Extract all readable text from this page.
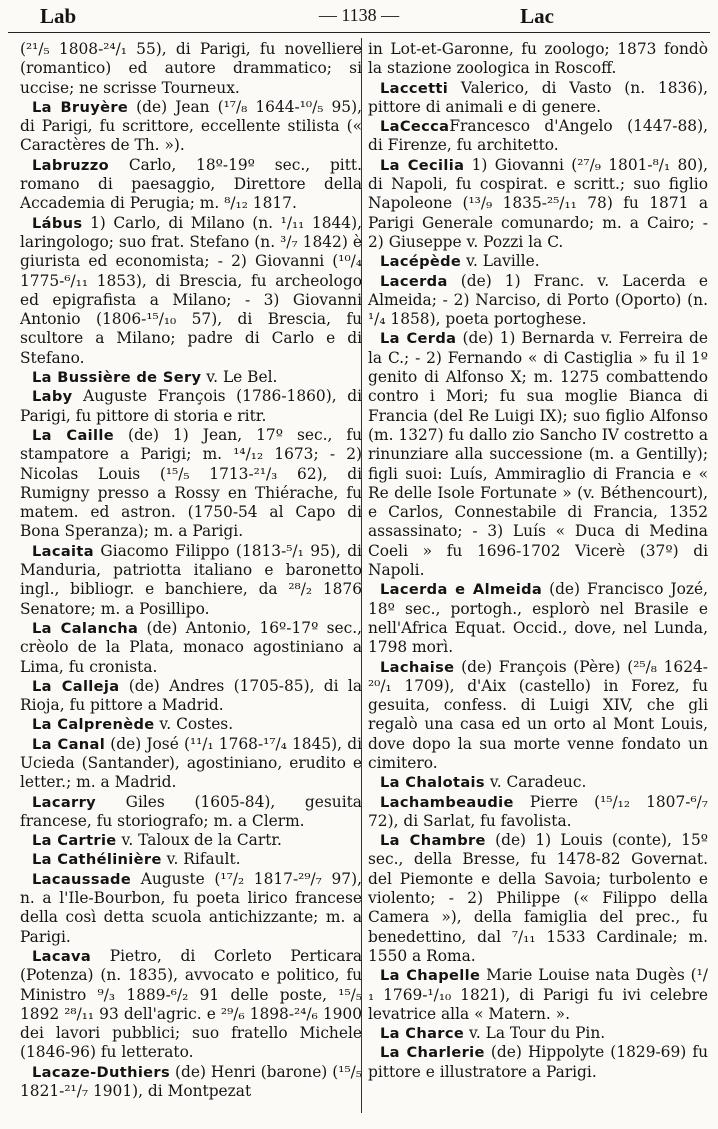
Lab	— 1138 —	Lac

(²¹/₅ 1808-²⁴/₁ 55), di Parigi, fu novelliere (romantico) ed autore drammatico; si uccise; ne scrisse Tourneux.

La Bruyère (de) Jean (¹⁷/₈ 1644-¹⁰/₅ 95), di Parigi, fu scrittore, eccellente stilista (« Caractères de Th. »).

Labruzzo Carlo, 18º-19º sec., pitt. romano di paesaggio, Direttore della Accademia di Perugia; m. ⁸/₁₂ 1817.

Lábus 1) Carlo, di Milano (n. ¹/₁₁ 1844), laringologo; suo frat. Stefano (n. ³/₇ 1842) è giurista ed economista; - 2) Giovanni (¹⁰/₄ 1775-⁶/₁₁ 1853), di Brescia, fu archeologo ed epigrafista a Milano; - 3) Giovanni Antonio (1806-¹⁵/₁₀ 57), di Brescia, fu scultore a Milano; padre di Carlo e di Stefano.

La Bussière de Sery v. Le Bel.

Laby Auguste François (1786-1860), di Parigi, fu pittore di storia e ritr.

La Caille (de) 1) Jean, 17º sec., fu stampatore a Parigi; m. ¹⁴/₁₂ 1673; - 2) Nicolas Louis (¹⁵/₅ 1713-²¹/₃ 62), di Rumigny presso a Rossy en Thiérache, fu matem. ed astron. (1750-54 al Capo di Bona Speranza); m. a Parigi.

Lacaita Giacomo Filippo (1813-⁵/₁ 95), di Manduria, patriotta italiano e baronetto ingl., bibliogr. e banchiere, da ²⁸/₂ 1876 Senatore; m. a Posillipo.

La Calancha (de) Antonio, 16º-17º sec., crèolo de la Plata, monaco agostiniano a Lima, fu cronista.

La Calleja (de) Andres (1705-85), di la Rioja, fu pittore a Madrid.

La Calprenède v. Costes.

La Canal (de) José (¹¹/₁ 1768-¹⁷/₄ 1845), di Ucieda (Santander), agostiniano, erudito e letter.; m. a Madrid.

Lacarry Giles (1605-84), gesuita francese, fu storiografo; m. a Clerm.

La Cartrie v. Taloux de la Cartr.

La Cathélinière v. Rifault.

Lacaussade Auguste (¹⁷/₂ 1817-²⁹/₇ 97), n. a l'Ile-Bourbon, fu poeta lirico francese della così detta scuola antichizzante; m. a Parigi.

Lacava Pietro, di Corleto Perticara (Potenza) (n. 1835), avvocato e politico, fu Ministro ⁹/₃ 1889-⁶/₂ 91 delle poste, ¹⁵/₅ 1892 ²⁸/₁₁ 93 dell'agric. e ²⁹/₆ 1898-²⁴/₆ 1900 dei lavori pubblici; suo fratello Michele (1846-96) fu letterato.

Lacaze-Duthiers (de) Henri (barone) (¹⁵/₅ 1821-²¹/₇ 1901), di Montpezat

in Lot-et-Garonne, fu zoologo; 1873 fondò la stazione zoologica in Roscoff.

Laccetti Valerico, di Vasto (n. 1836), pittore di animali e di genere.

LaCeccaFrancesco d'Angelo (1447-88), di Firenze, fu architetto.

La Cecilia 1) Giovanni (²⁷/₉ 1801-⁸/₁ 80), di Napoli, fu cospirat. e scritt.; suo figlio Napoleone (¹³/₉ 1835-²⁵/₁₁ 78) fu 1871 a Parigi Generale comunardo; m. a Cairo; - 2) Giuseppe v. Pozzi la C.

Lacépède v. Laville.

Lacerda (de) 1) Franc. v. Lacerda e Almeida; - 2) Narciso, di Porto (Oporto) (n. ¹/₄ 1858), poeta portoghese.

La Cerda (de) 1) Bernarda v. Ferreira de la C.; - 2) Fernando « di Castiglia » fu il 1º genito di Alfonso X; m. 1275 combattendo contro i Mori; fu sua moglie Bianca di Francia (del Re Luigi IX); suo figlio Alfonso (m. 1327) fu dallo zio Sancho IV costretto a rinunziare alla successione (m. a Gentilly); figli suoi: Luís, Ammiraglio di Francia e « Re delle Isole Fortunate » (v. Béthencourt), e Carlos, Connestabile di Francia, 1352 assassinato; - 3) Luís « Duca di Medina Coeli » fu 1696-1702 Vicerè (37º) di Napoli.

Lacerda e Almeida (de) Francisco Jozé, 18º sec., portogh., esplorò nel Brasile e nell'Africa Equat. Occid., dove, nel Lunda, 1798 morì.

Lachaise (de) François (Père) (²⁵/₈ 1624-²⁰/₁ 1709), d'Aix (castello) in Forez, fu gesuita, confess. di Luigi XIV, che gli regalò una casa ed un orto al Mont Louis, dove dopo la sua morte venne fondato un cimitero.

La Chalotais v. Caradeuc.

Lachambeaudie Pierre (¹⁵/₁₂ 1807-⁶/₇ 72), di Sarlat, fu favolista.

La Chambre (de) 1) Louis (conte), 15º sec., della Bresse, fu 1478-82 Governat. del Piemonte e della Savoia; turbolento e violento; - 2) Philippe (« Filippo della Camera »), della famiglia del prec., fu benedettino, dal ⁷/₁₁ 1533 Cardinale; m. 1550 a Roma.

La Chapelle Marie Louise nata Dugès (¹/₁ 1769-¹/₁₀ 1821), di Parigi fu ivi celebre levatrice alla « Matern. ».

La Charce v. La Tour du Pin.

La Charlerie (de) Hippolyte (1829-69) fu pittore e illustratore a Parigi.
